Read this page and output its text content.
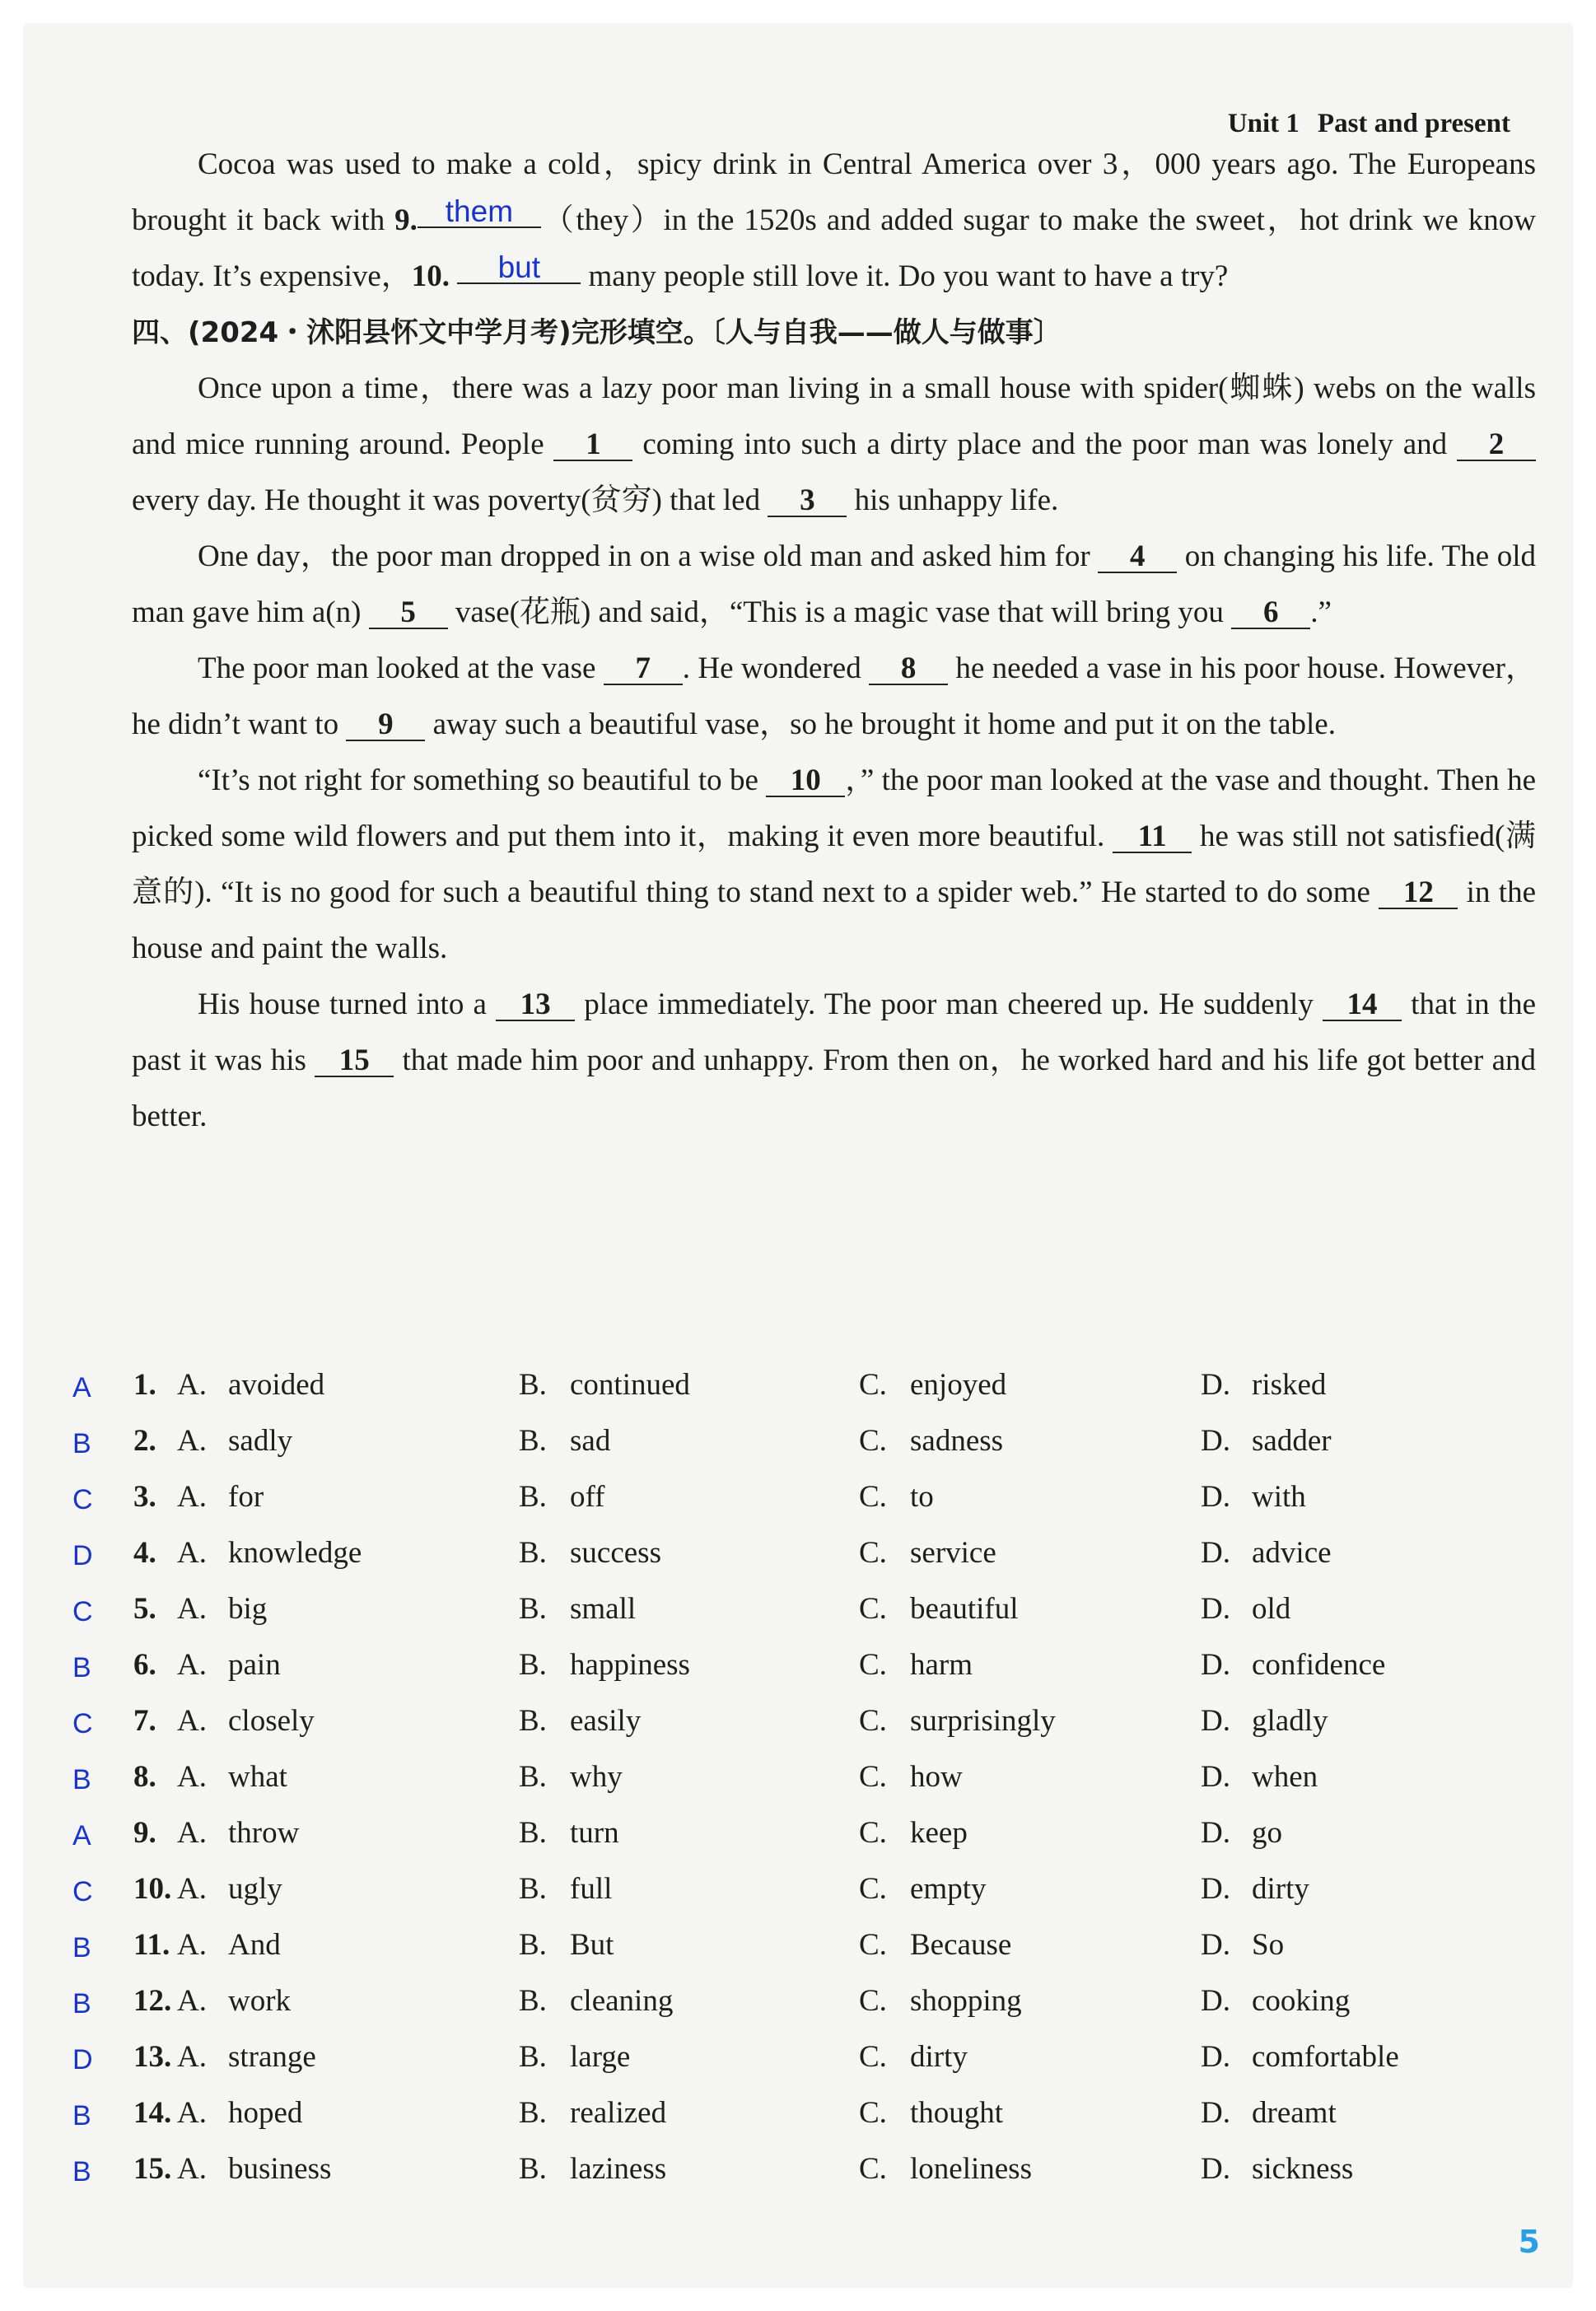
Unit 1 Past and present

Cocoa was used to make a cold，spicy drink in Central America over 3，000 years ago. The Europeans brought it back with 9. them （they）in the 1520s and added sugar to make the sweet，hot drink we know today. It’s expensive，10. but many people still love it. Do you want to have a try?

四、(2024・沭阳县怀文中学月考)完形填空。〔人与自我——做人与做事〕

Once upon a time，there was a lazy poor man living in a small house with spider(蜘蛛) webs on the walls and mice running around. People 1 coming into such a dirty place and the poor man was lonely and 2 every day. He thought it was poverty(贫穷) that led 3 his unhappy life.

One day，the poor man dropped in on a wise old man and asked him for 4 on changing his life. The old man gave him a(n) 5 vase(花瓶) and said，“This is a magic vase that will bring you 6 .”

The poor man looked at the vase 7 . He wondered 8 he needed a vase in his poor house. However，he didn’t want to 9 away such a beautiful vase，so he brought it home and put it on the table.

“It’s not right for something so beautiful to be 10 ，” the poor man looked at the vase and thought. Then he picked some wild flowers and put them into it，making it even more beautiful. 11 he was still not satisfied(满意的). “It is no good for such a beautiful thing to stand next to a spider web.” He started to do some 12 in the house and paint the walls.

His house turned into a 13 place immediately. The poor man cheered up. He suddenly 14 that in the past it was his 15 that made him poor and unhappy. From then on，he worked hard and his life got better and better.

A 1. A. avoided	B. continued	C. enjoyed	D. risked
B 2. A. sadly	B. sad	C. sadness	D. sadder
C 3. A. for	B. off	C. to	D. with
D 4. A. knowledge	B. success	C. service	D. advice
C 5. A. big	B. small	C. beautiful	D. old
B 6. A. pain	B. happiness	C. harm	D. confidence
C 7. A. closely	B. easily	C. surprisingly	D. gladly
B 8. A. what	B. why	C. how	D. when
A 9. A. throw	B. turn	C. keep	D. go
C 10. A. ugly	B. full	C. empty	D. dirty
B 11. A. And	B. But	C. Because	D. So
B 12. A. work	B. cleaning	C. shopping	D. cooking
D 13. A. strange	B. large	C. dirty	D. comfortable
B 14. A. hoped	B. realized	C. thought	D. dreamt
B 15. A. business	B. laziness	C. loneliness	D. sickness
5
